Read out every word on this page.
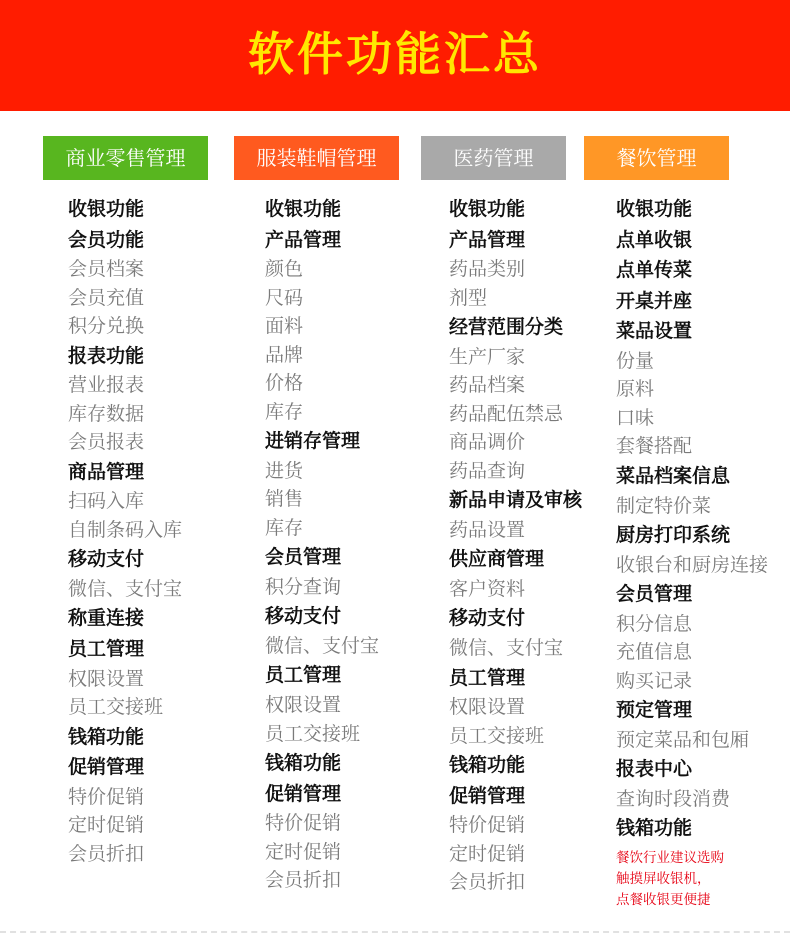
软件功能汇总
商业零售管理
收银功能
会员功能
会员档案
会员充值
积分兑换
报表功能
营业报表
库存数据
会员报表
商品管理
扫码入库
自制条码入库
移动支付
微信、支付宝
称重连接
员工管理
权限设置
员工交接班
钱箱功能
促销管理
特价促销
定时促销
会员折扣
服装鞋帽管理
收银功能
产品管理
颜色
尺码
面料
品牌
价格
库存
进销存管理
进货
销售
库存
会员管理
积分查询
移动支付
微信、支付宝
员工管理
权限设置
员工交接班
钱箱功能
促销管理
特价促销
定时促销
会员折扣
医药管理
收银功能
产品管理
药品类别
剂型
经营范围分类
生产厂家
药品档案
药品配伍禁忌
商品调价
药品查询
新品申请及审核
药品设置
供应商管理
客户资料
移动支付
微信、支付宝
员工管理
权限设置
员工交接班
钱箱功能
促销管理
特价促销
定时促销
会员折扣
餐饮管理
收银功能
点单收银
点单传菜
开桌并座
菜品设置
份量
原料
口味
套餐搭配
菜品档案信息
制定特价菜
厨房打印系统
收银台和厨房连接
会员管理
积分信息
充值信息
购买记录
预定管理
预定菜品和包厢
报表中心
查询时段消费
钱箱功能
餐饮行业建议选购
触摸屏收银机，
点餐收银更便捷
